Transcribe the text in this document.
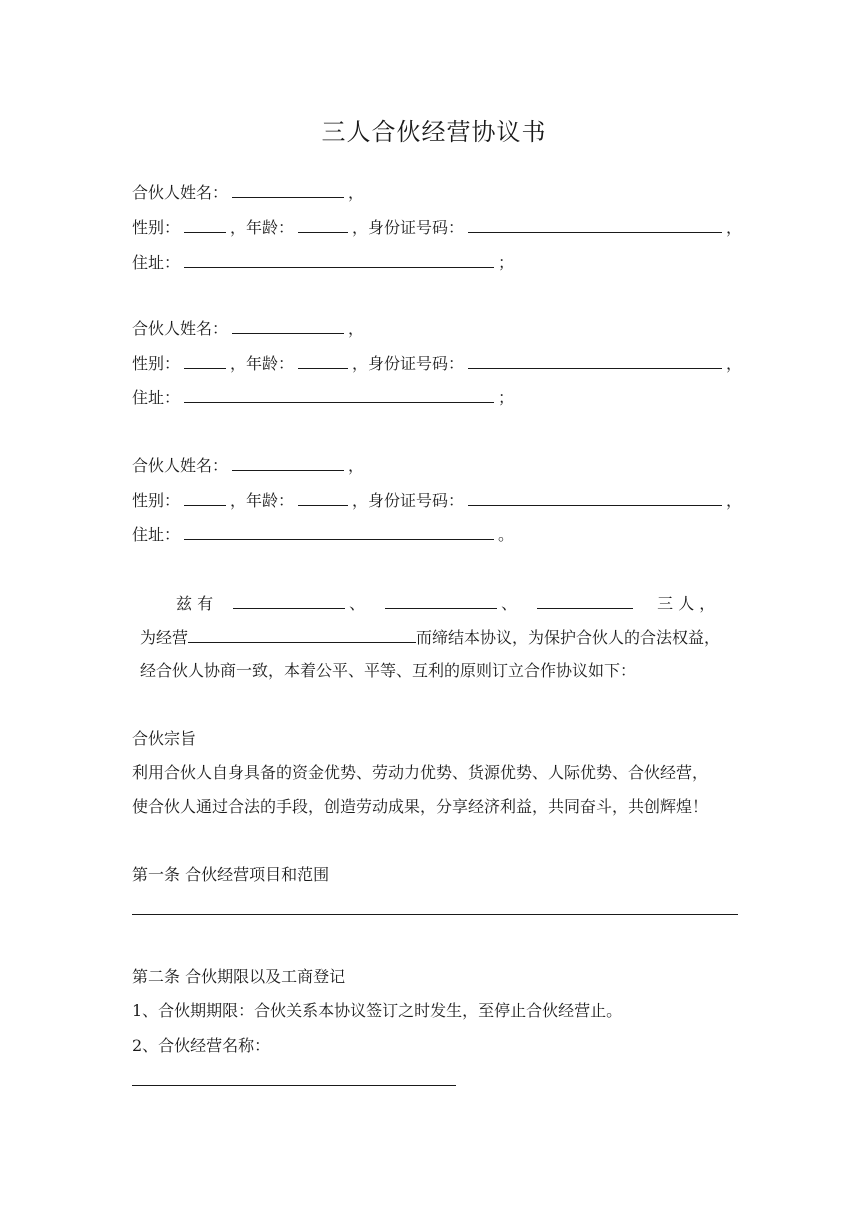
三人合伙经营协议书
合伙人姓名：	，
性别：	，年龄：	，身份证号码：	，
住址：	；
合伙人姓名：	，
性别：	，年龄：	，身份证号码：	，
住址：	；
合伙人姓名：	，
性别：	，年龄：	，身份证号码：	，
住址：	。
兹 有	、	、	三 人 ，
为经营	而缔结本协议，为保护合伙人的合法权益，
经合伙人协商一致，本着公平、平等、互利的原则订立合作协议如下：
合伙宗旨
利用合伙人自身具备的资金优势、劳动力优势、货源优势、人际优势、合伙经营，
使合伙人通过合法的手段，创造劳动成果，分享经济利益，共同奋斗，共创辉煌！
第一条 合伙经营项目和范围
第二条 合伙期限以及工商登记
1、合伙期期限：合伙关系本协议签订之时发生，至停止合伙经营止。
2、合伙经营名称：
